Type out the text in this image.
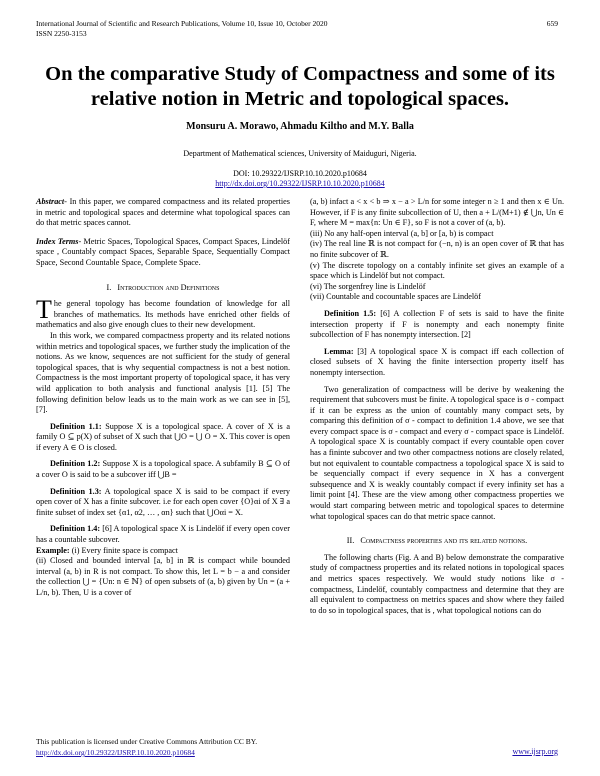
International Journal of Scientific and Research Publications, Volume 10, Issue 10, October 2020
ISSN 2250-3153
659
On the comparative Study of Compactness and some of its relative notion in Metric and topological spaces.
Monsuru A. Morawo, Ahmadu Kiltho and M.Y. Balla
Department of Mathematical sciences, University of Maiduguri, Nigeria.
DOI: 10.29322/IJSRP.10.10.2020.p10684
http://dx.doi.org/10.29322/IJSRP.10.10.2020.p10684

Abstract- In this paper, we compared compactness and its related properties in metric and topological spaces and determine what topological spaces can do that metric spaces cannot.

Index Terms- Metric Spaces, Topological Spaces, Compact Spaces, Lindelöf space , Countably compact Spaces, Separable Space, Sequentially Compact Space, Second Countable Space, Complete Space.

I. Introduction and Definitions

The general topology has become foundation of knowledge for all branches of mathematics. Its methods have enriched other fields of mathematics and also give enough clues to their new development.

In this work, we compared compactness property and its related notions within metrics and topological spaces, we further study the implication of the notions. As we know, sequences are not sufficient for the study of general topological spaces, that is why sequential compactness is not a best notion. Compactness is the most important property of topological space, it has very wild application to both analysis and functional analysis [1]. [5] The following definition below leads us to the main work as we can see in [5], [7].

Definition 1.1: Suppose X is a topological space. A cover of X is a family O ⊆ p(X) of subset of X such that ⋃O = ⋃ O = X. This cover is open if every A ∈ O is closed.

Definition 1.2: Suppose X is a topological space. A subfamily B ⊆ O of a cover O is said to be a subcover iff ⋃B =

Definition 1.3: A topological space X is said to be compact if every open cover of X has a finite subcover. i.e for each open cover {O}αi of X ∃ a finite subset of index set {α1, α2, … , αn} such that ⋃Oαi = X.

Definition 1.4: [6] A topological space X is Lindelöf if every open cover has a countable subcover.

Example: (i) Every finite space is compact

(ii) Closed and bounded interval [a, b] in ℝ is compact while bounded interval (a, b) in R is not compact. To show this, let L = b − a and consider the collection ⋃ = {Un: n ∈ ℕ} of open subsets of (a, b) given by Un = (a + L/n, b). Then, U is a cover of

(a, b) infact a < x < b ⇒ x − a > L/n for some integer n ≥ 1 and then x ∈ Un. However, if F is any finite subcollection of U, then a + L/(M+1) ∉ ⋃n, Un ∈ F, where M = max{n: Un ∈ F}, so F is not a cover of (a, b).

(iii) No any half-open interval (a, b] or [a, b) is compact

(iv) The real line ℝ is not compact for (−n, n) is an open cover of ℝ that has no finite subcover of ℝ.

(v) The discrete topology on a contably infinite set gives an example of a space which is Lindelöf but not compact.

(vi) The sorgenfrey line is Lindelöf

(vii) Countable and cocountable spaces are Lindelöf

Definition 1.5: [6] A collection F of sets is said to have the finite intersection property if F is nonempty and each nonempty finite subcollection of F has nonempty intersection. [2]

Lemma: [3] A topological space X is compact iff each collection of closed subsets of X having the finite intersection property itself has nonempty intersection.

Two generalization of compactness will be derive by weakening the requirement that subcovers must be finite. A topological space is σ - compact if it can be express as the union of countably many compact sets, by comparing this definition of σ - compact to definition 1.4 above, we see that every compact space is σ - compact and every σ - compact space is Lindelöf. A topological space X is countably compact if every countable open cover has a fininte subcover and two other compactness notions are closely related, but not equivalent to countable compactness a topological space X is said to be sequencially compact if every sequence in X has a convergent subsequence and X is weakly countably compact if every infinity set has a limit point [4]. These are the view among other compactness properties we would start comparing between metric and topological spaces to determine what topological spaces can do that metric space cannot.

II. Compactness properties and its related notions.

The following charts (Fig. A and B) below demonstrate the comparative study of compactness properties and its related notions in topological spaces and metrics spaces respectively. We would study notions like σ - compactness, Lindelöf, countably compactness and determine that they are all equivalent to compactness on metrics spaces and show where they failed to do so in topological spaces, that is , what topological notions can do

This publication is licensed under Creative Commons Attribution CC BY.
http://dx.doi.org/10.29322/IJSRP.10.10.2020.p10684	www.ijsrp.org
